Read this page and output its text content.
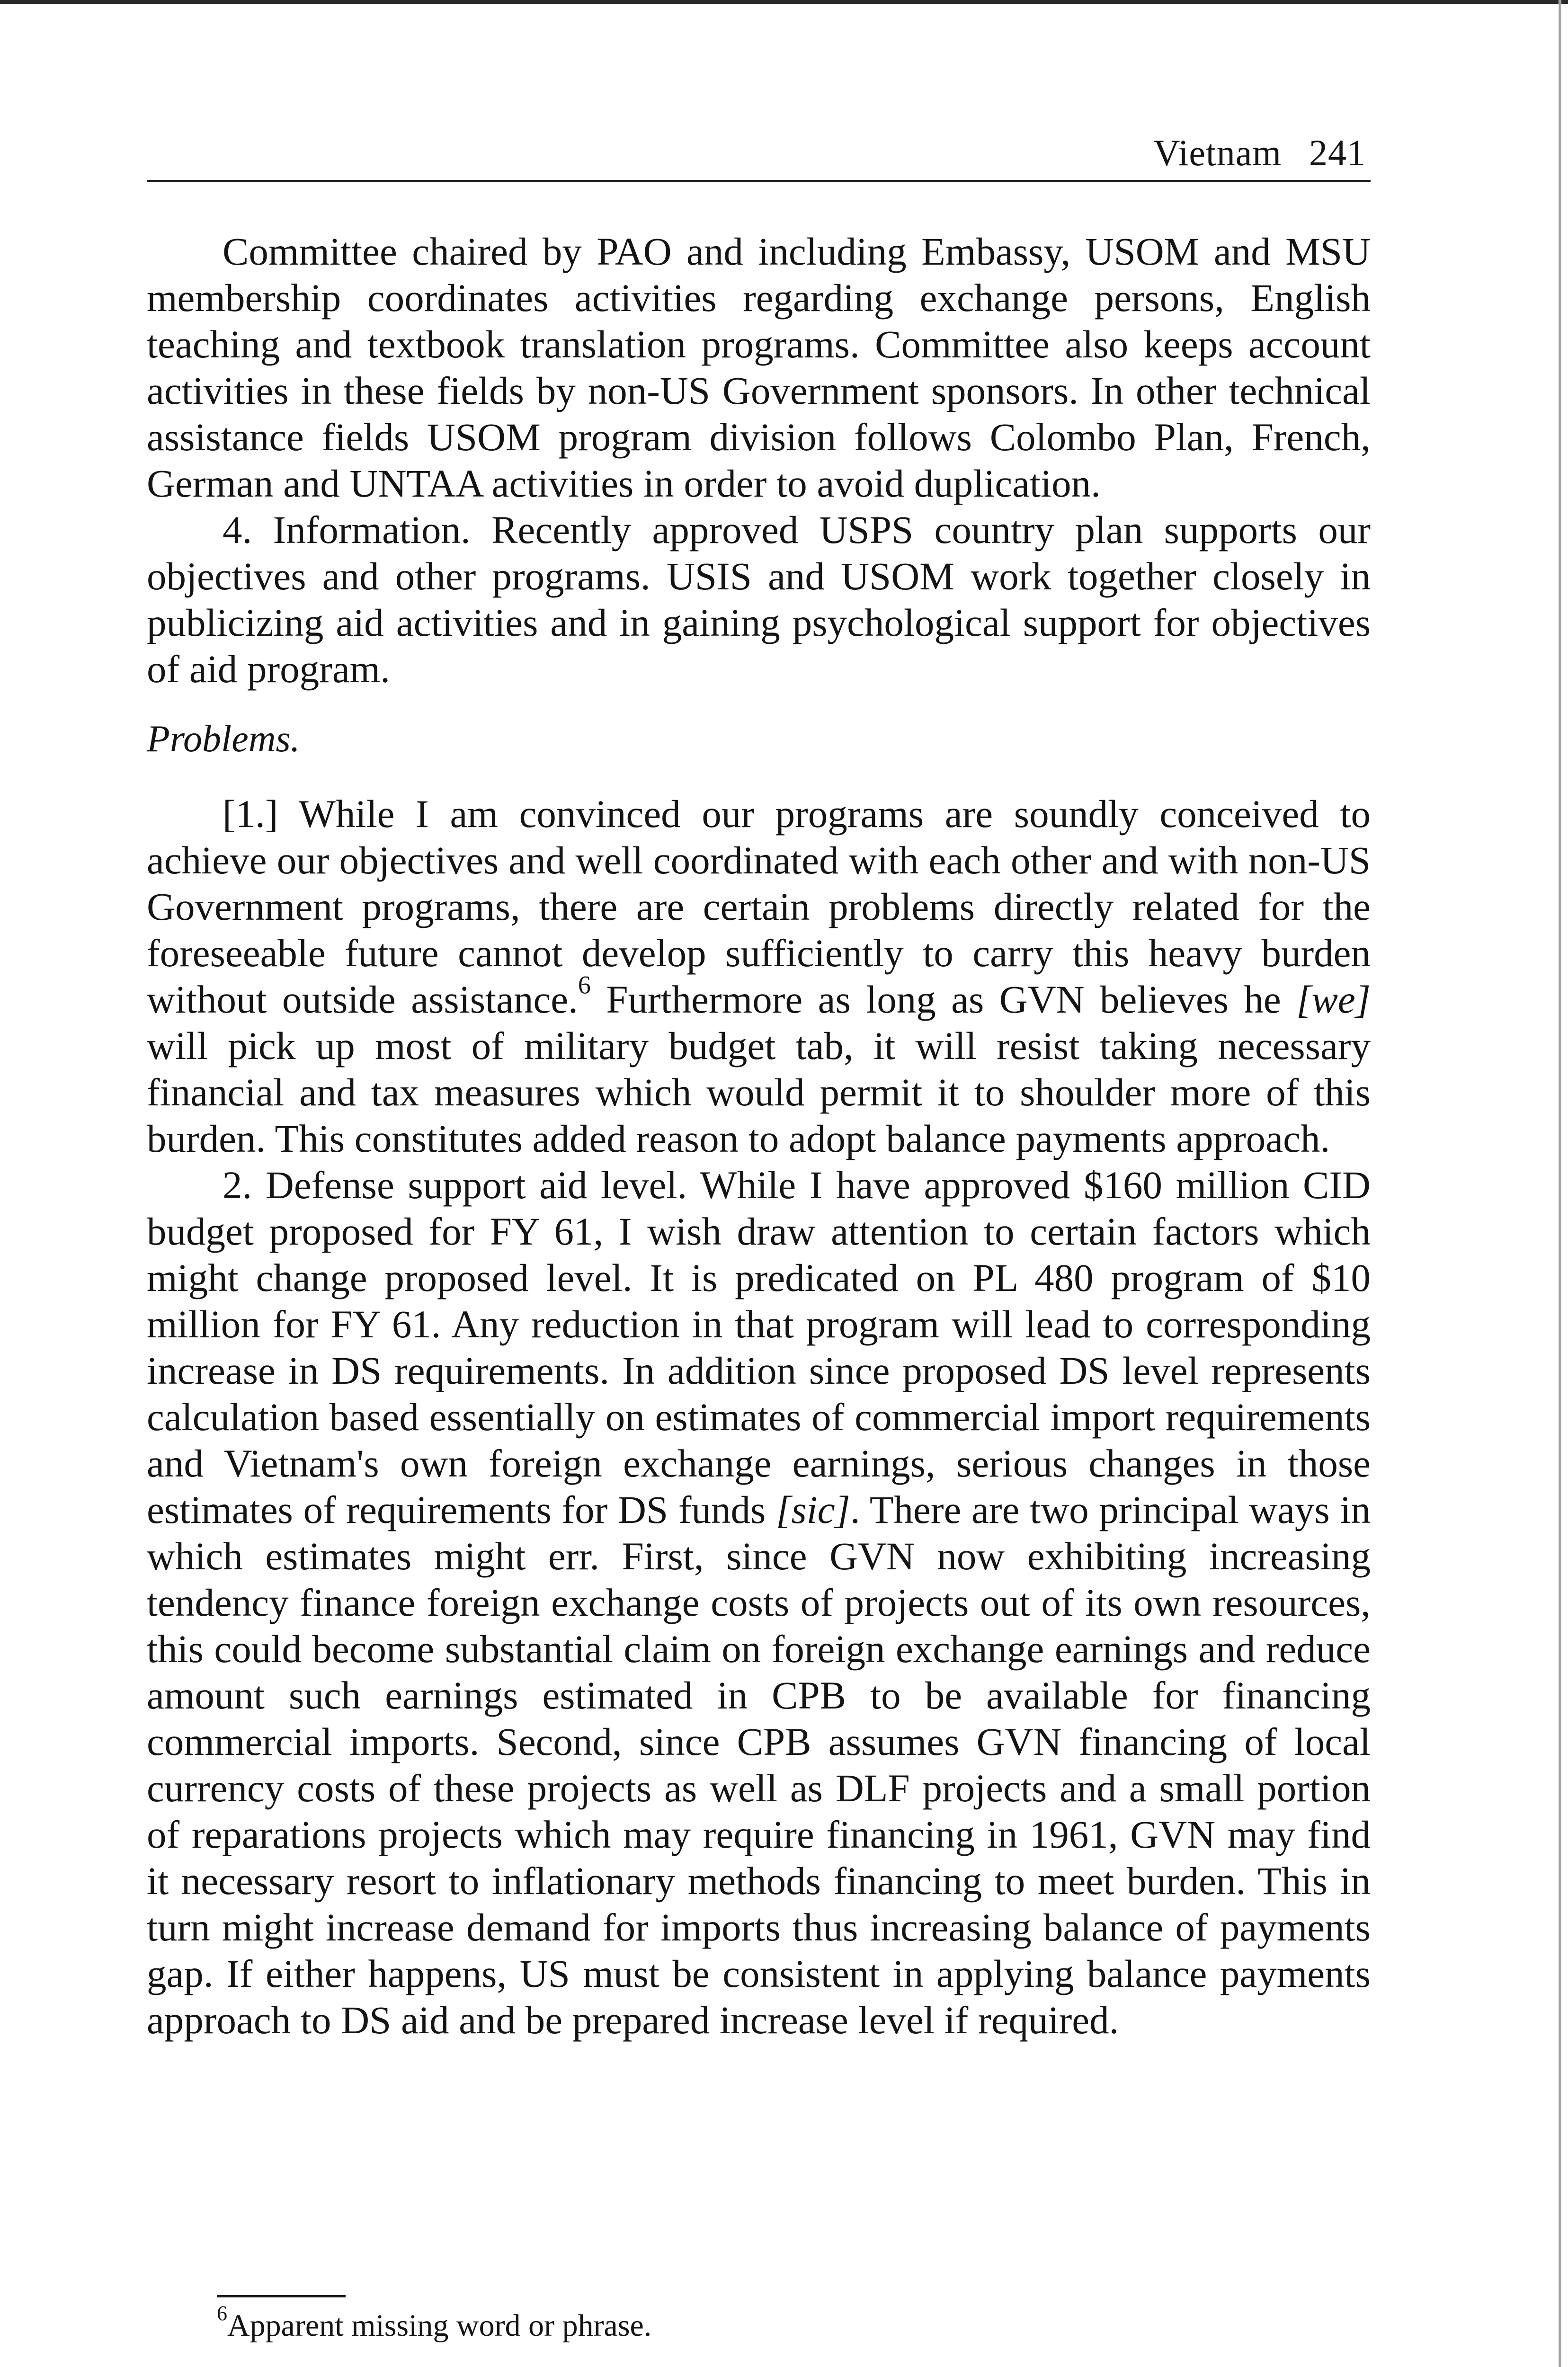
Vietnam 241

Committee chaired by PAO and including Embassy, USOM and MSU membership coordinates activities regarding exchange persons, English teaching and textbook translation programs. Committee also keeps account activities in these fields by non-US Government sponsors. In other technical assistance fields USOM program division follows Colombo Plan, French, German and UNTAA activities in order to avoid duplication.

4. Information. Recently approved USPS country plan supports our objectives and other programs. USIS and USOM work together closely in publicizing aid activities and in gaining psychological support for objectives of aid program.

Problems.

[1.] While I am convinced our programs are soundly conceived to achieve our objectives and well coordinated with each other and with non-US Government programs, there are certain problems directly related for the foreseeable future cannot develop sufficiently to carry this heavy burden without outside assistance.$^6$ Furthermore as long as GVN believes he [we] will pick up most of military budget tab, it will resist taking necessary financial and tax measures which would permit it to shoulder more of this burden. This constitutes added reason to adopt balance payments approach.

2. Defense support aid level. While I have approved $160 million CID budget proposed for FY 61, I wish draw attention to certain factors which might change proposed level. It is predicated on PL 480 program of $10 million for FY 61. Any reduction in that program will lead to corresponding increase in DS requirements. In addition since proposed DS level represents calculation based essentially on estimates of commercial import requirements and Vietnam's own foreign exchange earnings, serious changes in those estimates of requirements for DS funds [sic]. There are two principal ways in which estimates might err. First, since GVN now exhibiting increasing tendency finance foreign exchange costs of projects out of its own resources, this could become substantial claim on foreign exchange earnings and reduce amount such earnings estimated in CPB to be available for financing commercial imports. Second, since CPB assumes GVN financing of local currency costs of these projects as well as DLF projects and a small portion of reparations projects which may require financing in 1961, GVN may find it necessary resort to inflationary methods financing to meet burden. This in turn might increase demand for imports thus increasing balance of payments gap. If either happens, US must be consistent in applying balance payments approach to DS aid and be prepared increase level if required.

$^6$Apparent missing word or phrase.
